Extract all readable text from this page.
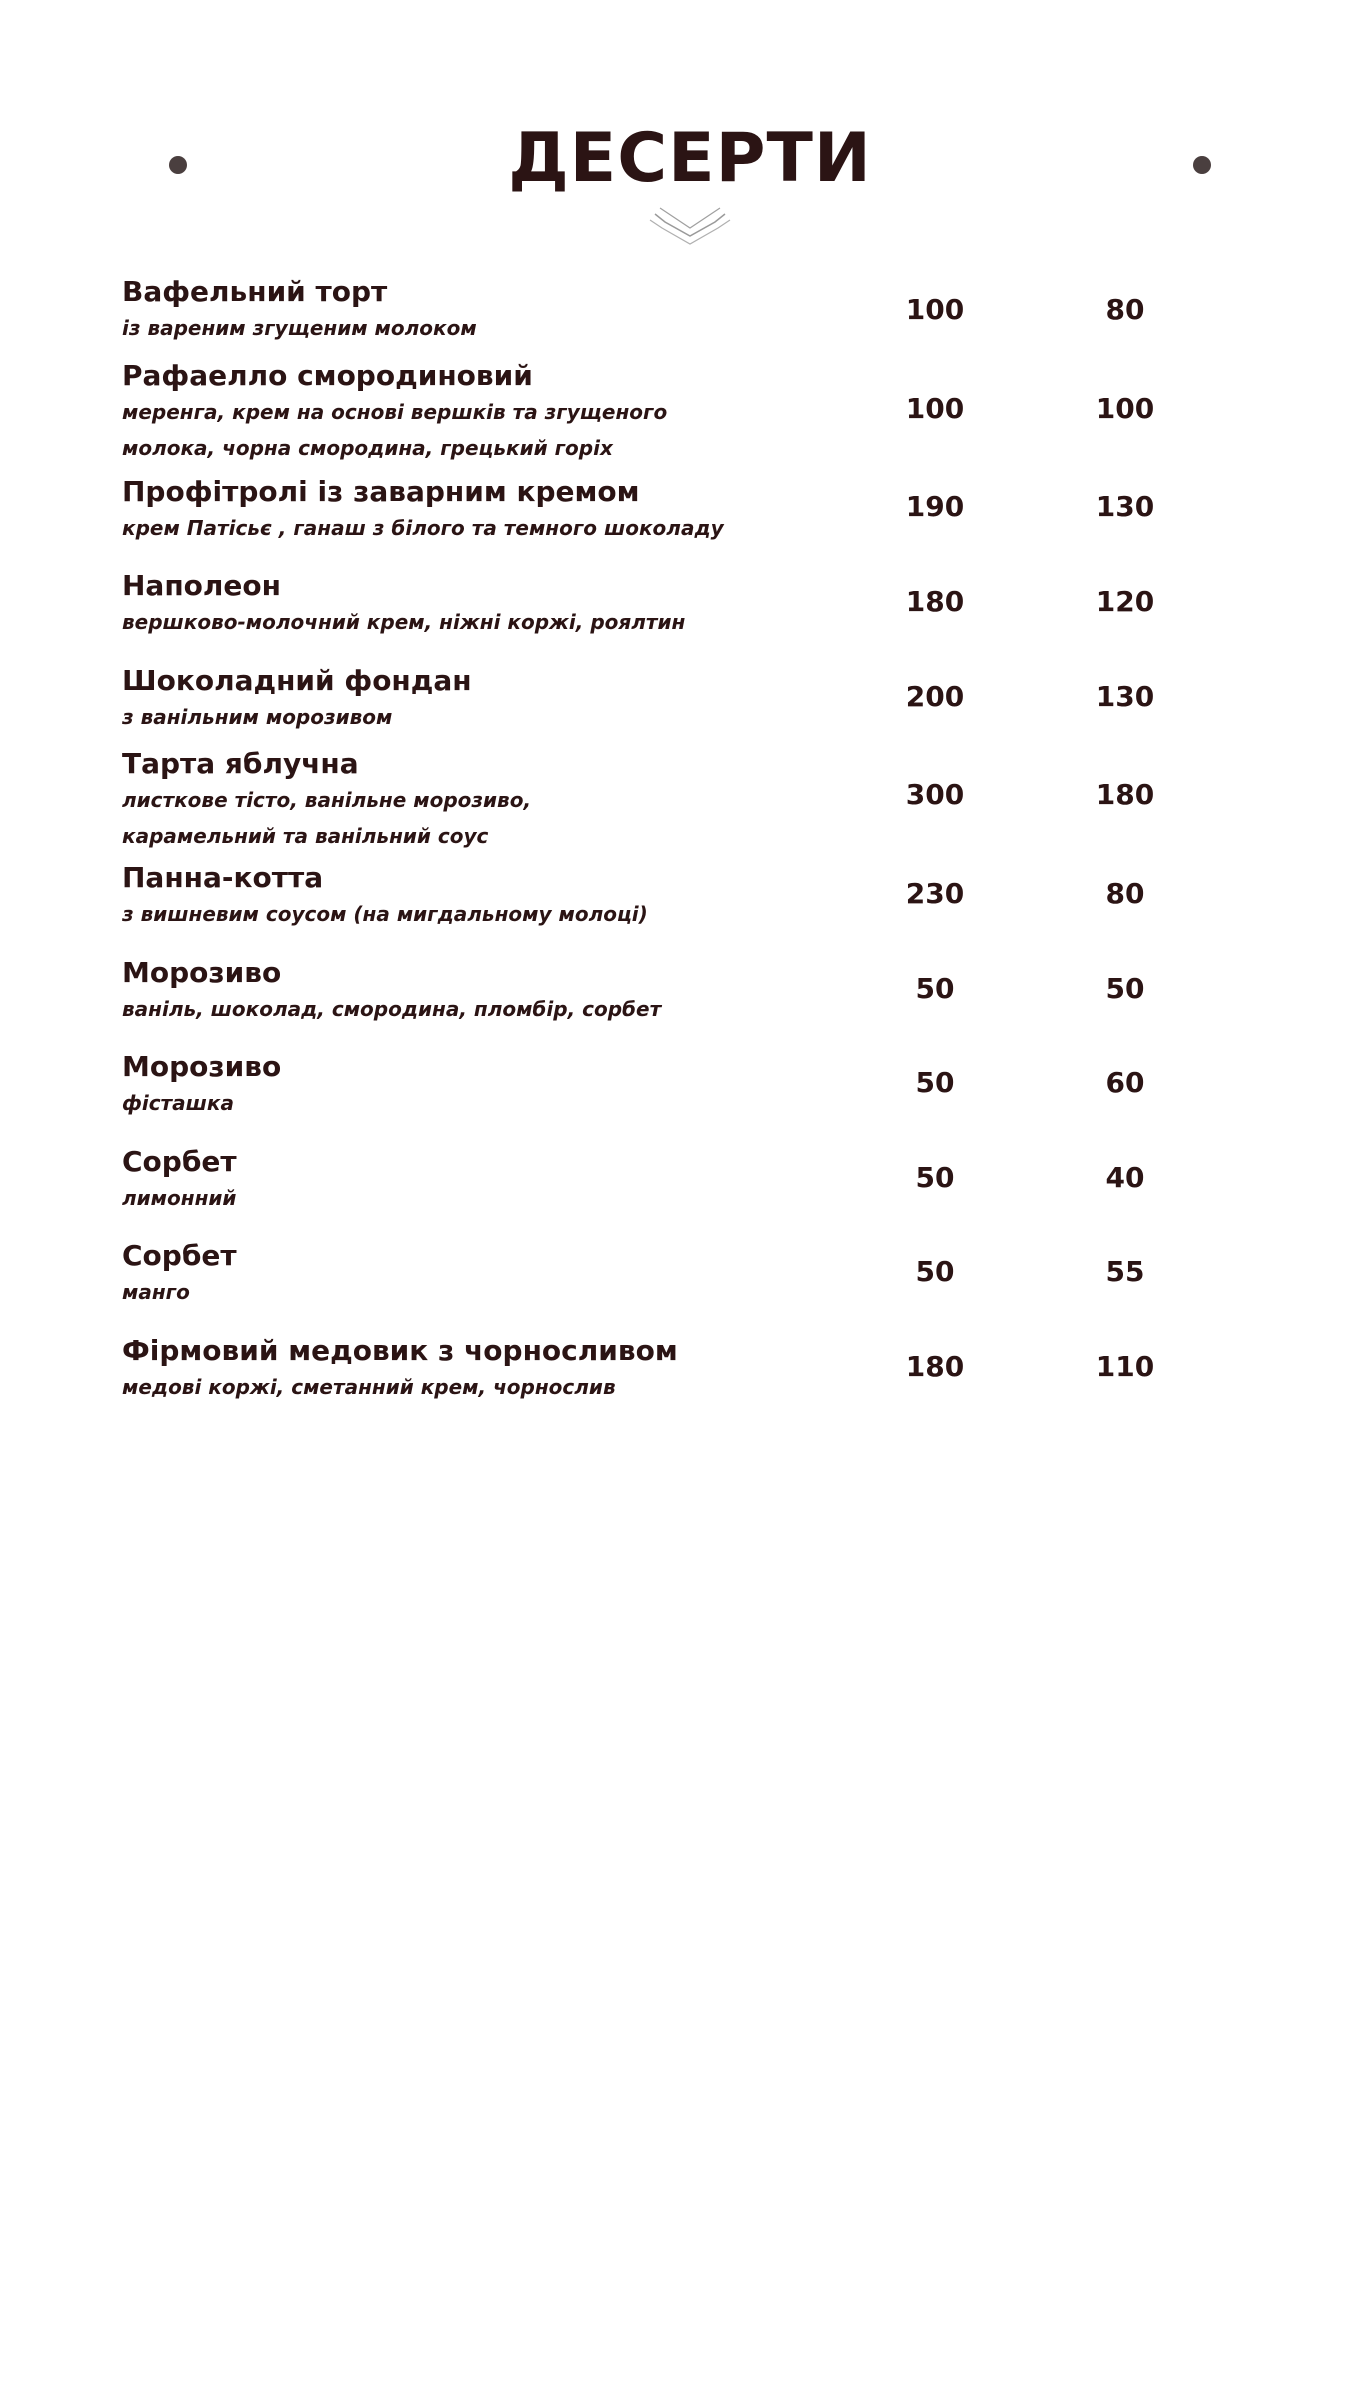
ДЕСЕРТИ
Вафельний торт
із вареним згущеним молоком
100	80
Рафаелло смородиновий
меренга, крем на основі вершків та згущеного
молока, чорна смородина, грецький горіх
100	100
Профітролі із заварним кремом
крем Патісьє , ганаш з білого та темного шоколаду
190	130
Наполеон
вершково-молочний крем, ніжні коржі, роялтин
180	120
Шоколадний фондан
з ванільним морозивом
200	130
Тарта яблучна
листкове тісто, ванільне морозиво,
карамельний та ванільний соус
300	180
Панна-котта
з вишневим соусом (на мигдальному молоці)
230	80
Морозиво
ваніль, шоколад, смородина, пломбір, сорбет
50	50
Морозиво
фісташка
50	60
Сорбет
лимонний
50	40
Сорбет
манго
50	55
Фірмовий медовик з чорносливом
медові коржі, сметанний крем, чорнослив
180	110
